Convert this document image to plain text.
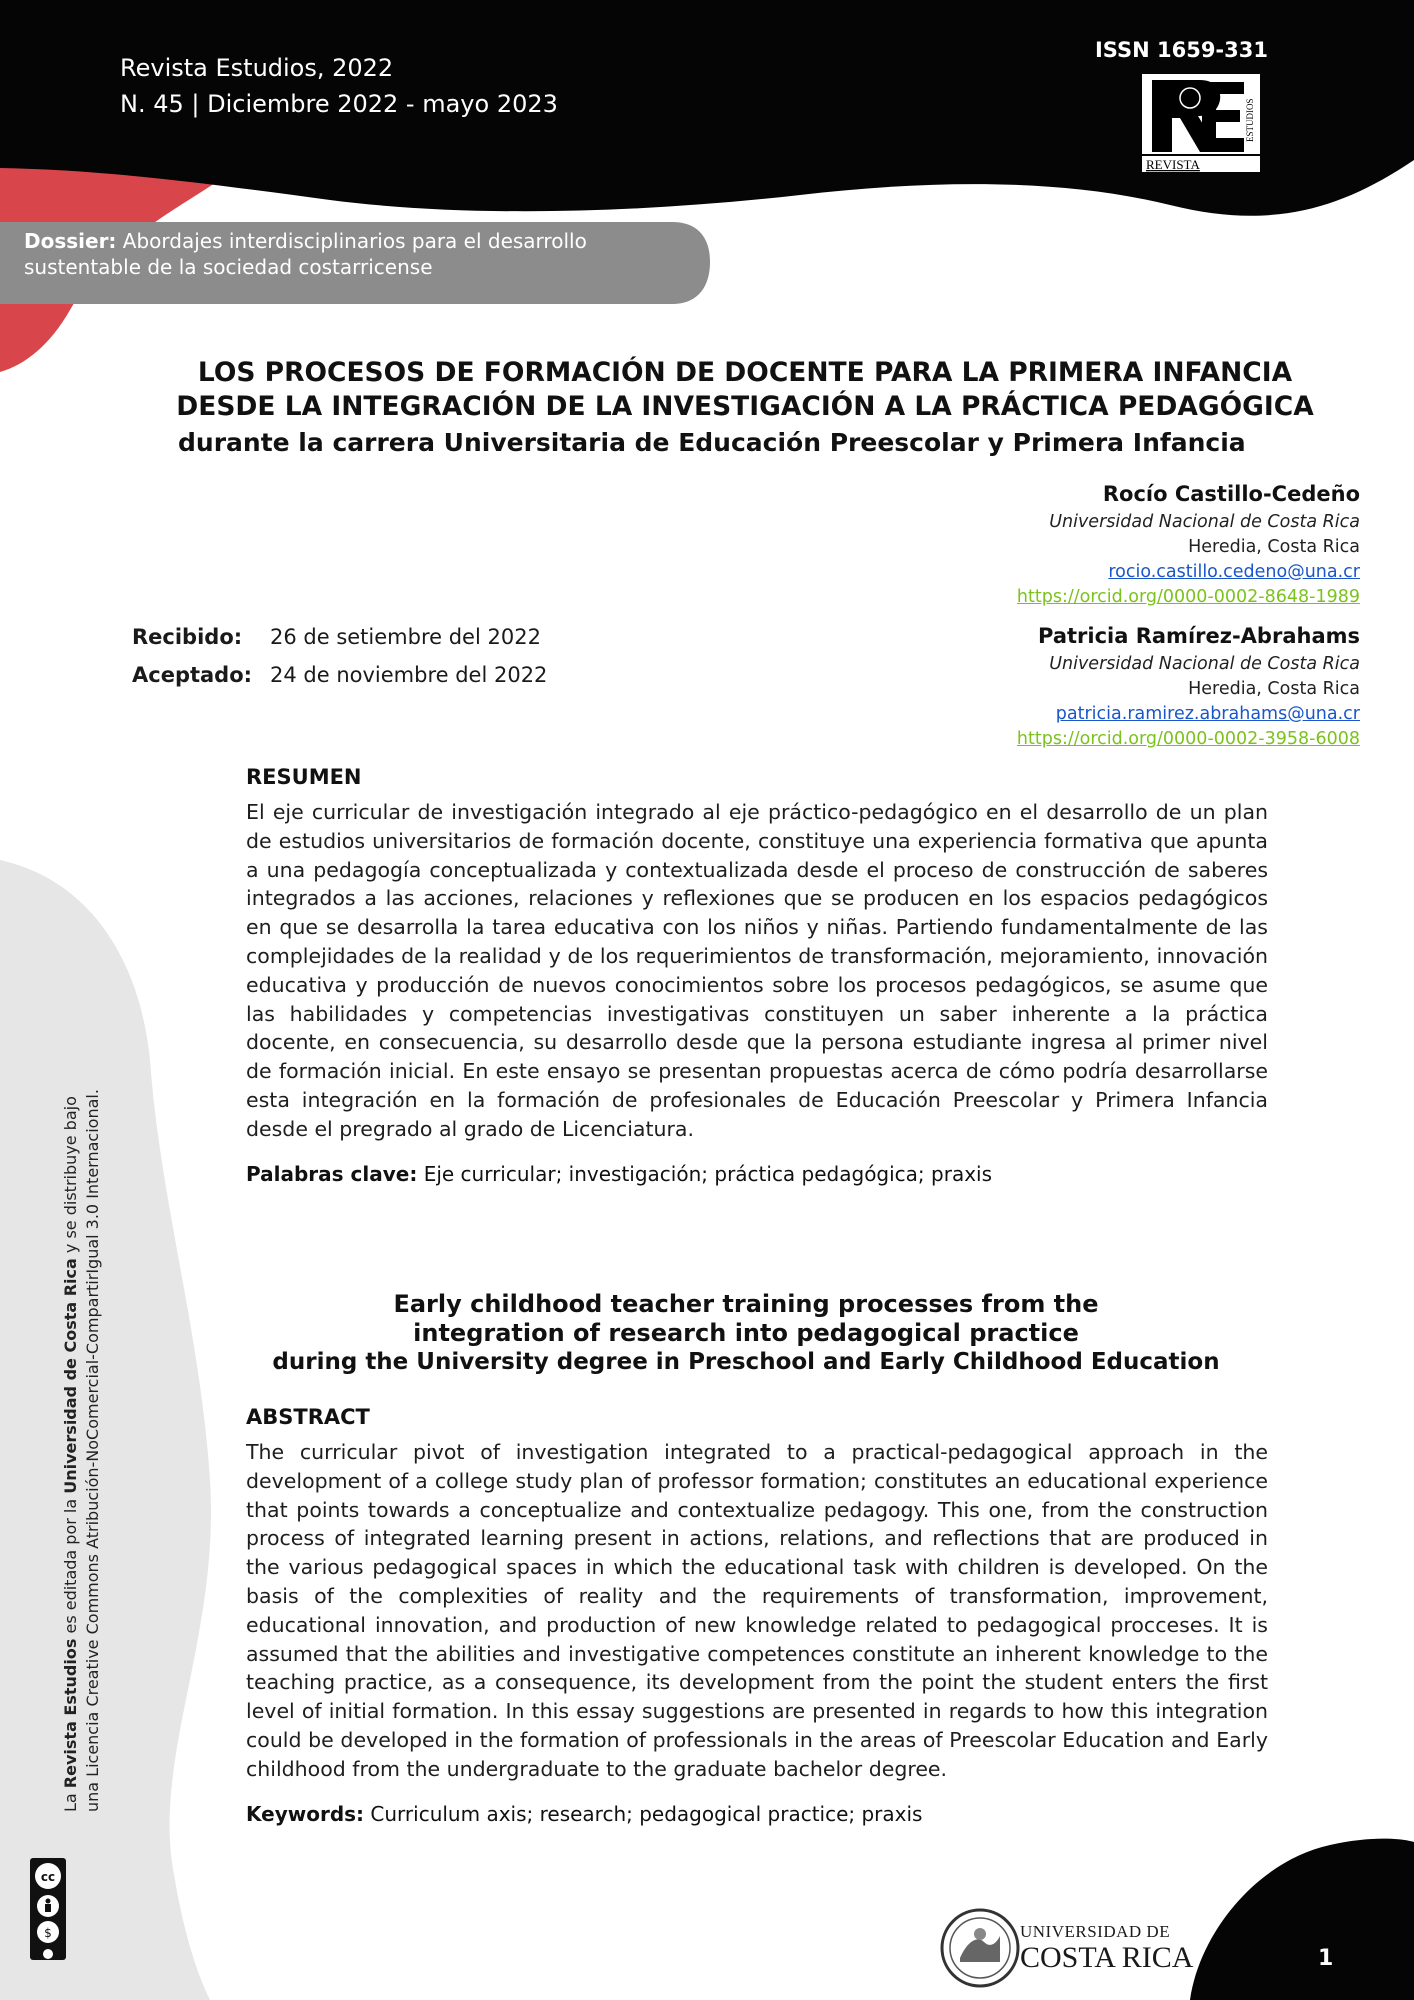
Revista Estudios, 2022
N. 45 | Diciembre 2022 - mayo 2023
ISSN 1659-331
ESTUDIOS
REVISTA
Dossier: Abordajes interdisciplinarios para el desarrollo sustentable de la sociedad costarricense
LOS PROCESOS DE FORMACIÓN DE DOCENTE PARA LA PRIMERA INFANCIA
DESDE LA INTEGRACIÓN DE LA INVESTIGACIÓN A LA PRÁCTICA PEDAGÓGICA
durante la carrera Universitaria de Educación Preescolar y Primera Infancia
Rocío Castillo-Cedeño
Universidad Nacional de Costa Rica
Heredia, Costa Rica
rocio.castillo.cedeno@una.cr
https://orcid.org/0000-0002-8648-1989
Patricia Ramírez-Abrahams
Universidad Nacional de Costa Rica
Heredia, Costa Rica
patricia.ramirez.abrahams@una.cr
https://orcid.org/0000-0002-3958-6008
Recibido: 26 de setiembre del 2022
Aceptado: 24 de noviembre del 2022
RESUMEN
El eje curricular de investigación integrado al eje práctico-pedagógico en el desarrollo de un plan de estudios universitarios de formación docente, constituye una experiencia formativa que apunta a una pedagogía conceptualizada y contextualizada desde el proceso de construcción de saberes integrados a las acciones, relaciones y reflexiones que se producen en los espacios pedagógicos en que se desarrolla la tarea educativa con los niños y niñas. Partiendo fundamentalmente de las complejidades de la realidad y de los requerimientos de transformación, mejoramiento, innovación educativa y producción de nuevos conocimientos sobre los procesos pedagógicos, se asume que las habilidades y competencias investigativas constituyen un saber inherente a la práctica docente, en consecuencia, su desarrollo desde que la persona estudiante ingresa al primer nivel de formación inicial. En este ensayo se presentan propuestas acerca de cómo podría desarrollarse esta integración en la formación de profesionales de Educación Preescolar y Primera Infancia desde el pregrado al grado de Licenciatura.
Palabras clave: Eje curricular; investigación; práctica pedagógica; praxis
Early childhood teacher training processes from the
integration of research into pedagogical practice
during the University degree in Preschool and Early Childhood Education
ABSTRACT
The curricular pivot of investigation integrated to a practical-pedagogical approach in the development of a college study plan of professor formation; constitutes an educational experience that points towards a conceptualize and contextualize pedagogy. This one, from the construction process of integrated learning present in actions, relations, and reflections that are produced in the various pedagogical spaces in which the educational task with children is developed. On the basis of the complexities of reality and the requirements of transformation, improvement, educational innovation, and production of new knowledge related to pedagogical procceses. It is assumed that the abilities and investigative competences constitute an inherent knowledge to the teaching practice, as a consequence, its development from the point the student enters the first level of initial formation. In this essay suggestions are presented in regards to how this integration could be developed in the formation of professionals in the areas of Preescolar Education and Early childhood from the undergraduate to the graduate bachelor degree.
Keywords: Curriculum axis; research; pedagogical practice; praxis
La Revista Estudios es editada por la Universidad de Costa Rica y se distribuye bajo una Licencia Creative Commons Atribución-NoComercial-CompartirIgual 3.0 Internacional.
cc
$	UNIVERSIDAD DE
COSTA RICA	1
